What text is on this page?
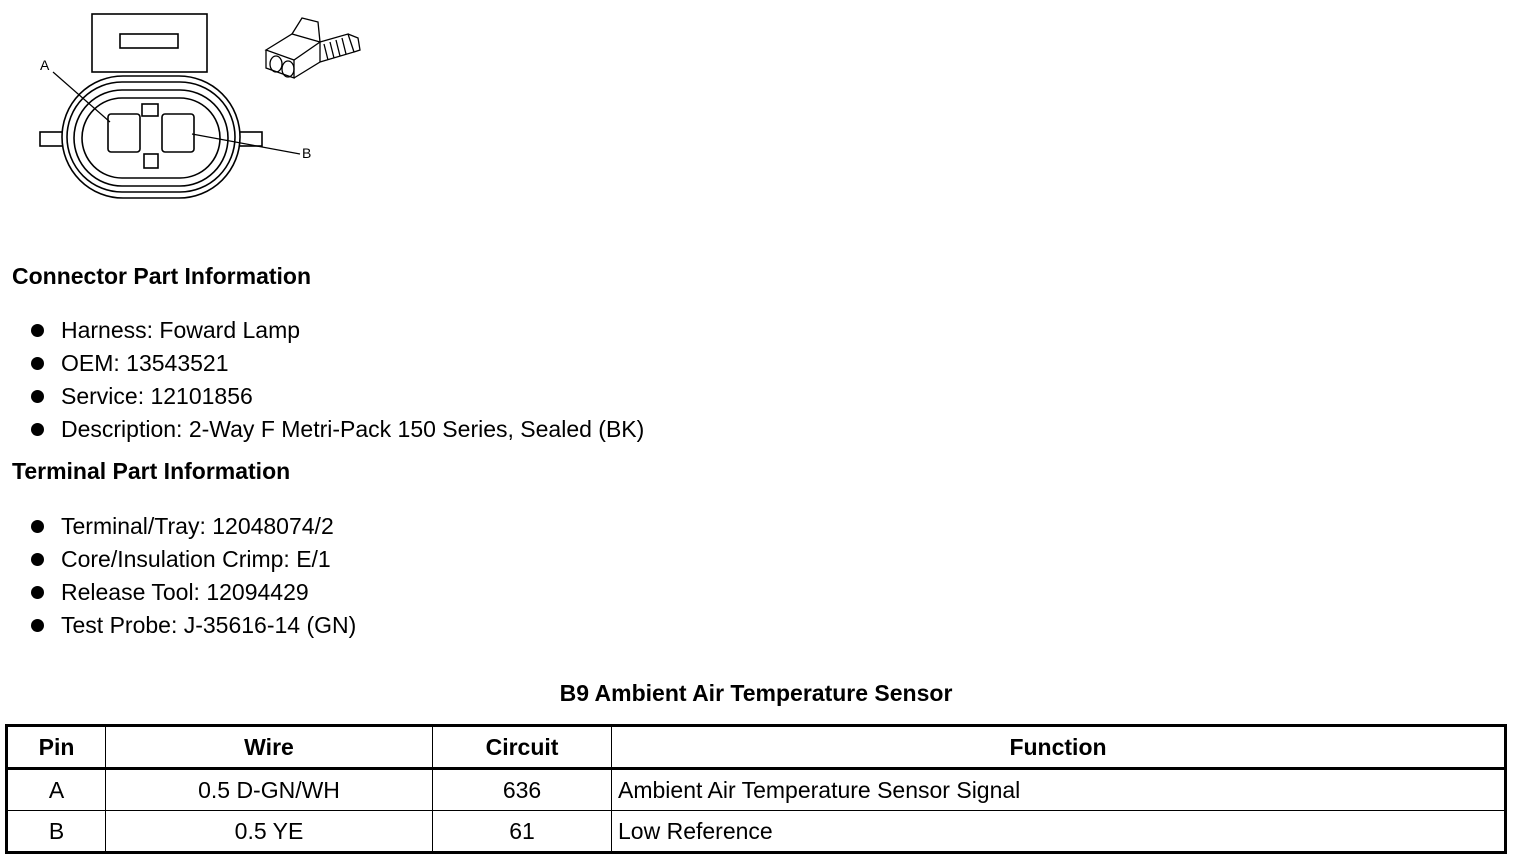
A
B
Connector Part Information
Harness: Foward Lamp
OEM: 13543521
Service: 12101856
Description: 2-Way F Metri-Pack 150 Series, Sealed (BK)
Terminal Part Information
Terminal/Tray: 12048074/2
Core/Insulation Crimp: E/1
Release Tool: 12094429
Test Probe: J-35616-14 (GN)
B9 Ambient Air Temperature Sensor
Pin	Wire	Circuit	Function
A	0.5 D-GN/WH	636	Ambient Air Temperature Sensor Signal
B	0.5 YE	61	Low Reference
